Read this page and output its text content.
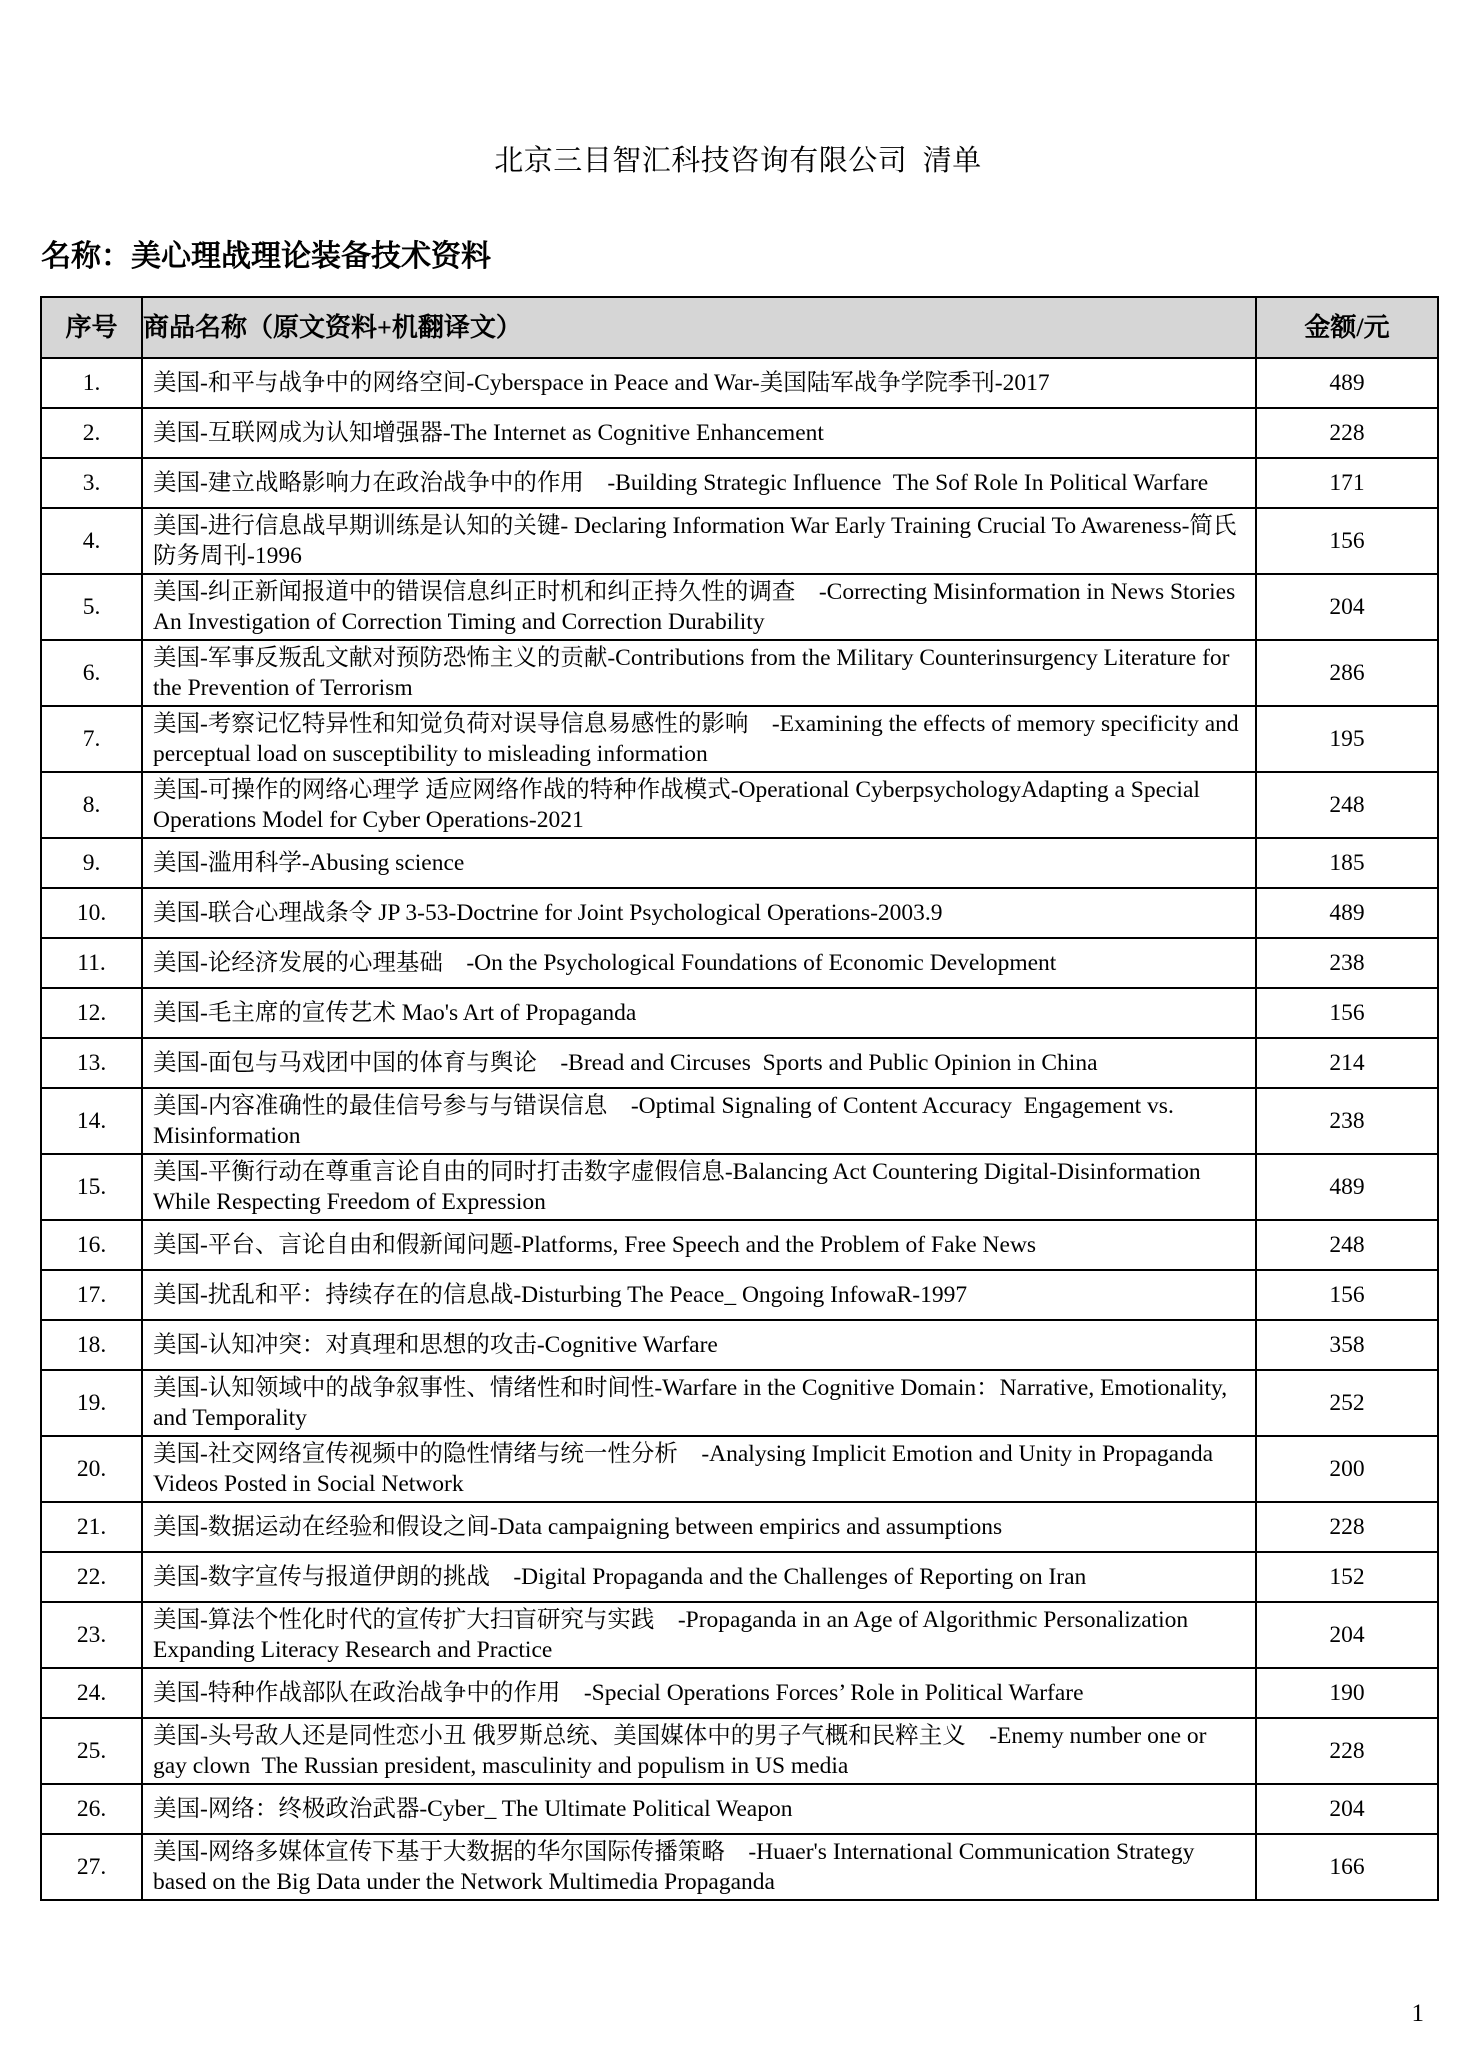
北京三目智汇科技咨询有限公司  清单
名称：美心理战理论装备技术资料
序号	商品名称（原文资料+机翻译文）	金额/元
1.	美国-和平与战争中的网络空间-Cyberspace in Peace and War-美国陆军战争学院季刊-2017	489
2.	美国-互联网成为认知增强器-The Internet as Cognitive Enhancement	228
3.	美国-建立战略影响力在政治战争中的作用　-Building Strategic Influence  The Sof Role In Political Warfare	171
4.	美国-进行信息战早期训练是认知的关键- Declaring Information War Early Training Crucial To Awareness-简氏防务周刊-1996	156
5.	美国-纠正新闻报道中的错误信息纠正时机和纠正持久性的调查　-Correcting Misinformation in News Stories  An Investigation of Correction Timing and Correction Durability	204
6.	美国-军事反叛乱文献对预防恐怖主义的贡献-Contributions from the Military Counterinsurgency Literature for the Prevention of Terrorism	286
7.	美国-考察记忆特异性和知觉负荷对误导信息易感性的影响　-Examining the effects of memory specificity and perceptual load on susceptibility to misleading information	195
8.	美国-可操作的网络心理学 适应网络作战的特种作战模式-Operational CyberpsychologyAdapting a Special Operations Model for Cyber Operations-2021	248
9.	美国-滥用科学-Abusing science	185
10.	美国-联合心理战条令 JP 3-53-Doctrine for Joint Psychological Operations-2003.9	489
11.	美国-论经济发展的心理基础　-On the Psychological Foundations of Economic Development	238
12.	美国-毛主席的宣传艺术 Mao's Art of Propaganda	156
13.	美国-面包与马戏团中国的体育与舆论　-Bread and Circuses  Sports and Public Opinion in China	214
14.	美国-内容准确性的最佳信号参与与错误信息　-Optimal Signaling of Content Accuracy  Engagement vs. Misinformation	238
15.	美国-平衡行动在尊重言论自由的同时打击数字虚假信息-Balancing Act Countering Digital-Disinformation While Respecting Freedom of Expression	489
16.	美国-平台、言论自由和假新闻问题-Platforms, Free Speech and the Problem of Fake News	248
17.	美国-扰乱和平：持续存在的信息战-Disturbing The Peace_ Ongoing InfowaR-1997	156
18.	美国-认知冲突：对真理和思想的攻击-Cognitive Warfare	358
19.	美国-认知领域中的战争叙事性、情绪性和时间性-Warfare in the Cognitive Domain：Narrative, Emotionality, and Temporality	252
20.	美国-社交网络宣传视频中的隐性情绪与统一性分析　-Analysing Implicit Emotion and Unity in Propaganda Videos Posted in Social Network	200
21.	美国-数据运动在经验和假设之间-Data campaigning between empirics and assumptions	228
22.	美国-数字宣传与报道伊朗的挑战　-Digital Propaganda and the Challenges of Reporting on Iran	152
23.	美国-算法个性化时代的宣传扩大扫盲研究与实践　-Propaganda in an Age of Algorithmic Personalization Expanding Literacy Research and Practice	204
24.	美国-特种作战部队在政治战争中的作用　-Special Operations Forces’ Role in Political Warfare	190
25.	美国-头号敌人还是同性恋小丑 俄罗斯总统、美国媒体中的男子气概和民粹主义　-Enemy number one or gay clown  The Russian president, masculinity and populism in US media	228
26.	美国-网络：终极政治武器-Cyber_ The Ultimate Political Weapon	204
27.	美国-网络多媒体宣传下基于大数据的华尔国际传播策略　-Huaer's International Communication Strategy based on the Big Data under the Network Multimedia Propaganda	166
1
